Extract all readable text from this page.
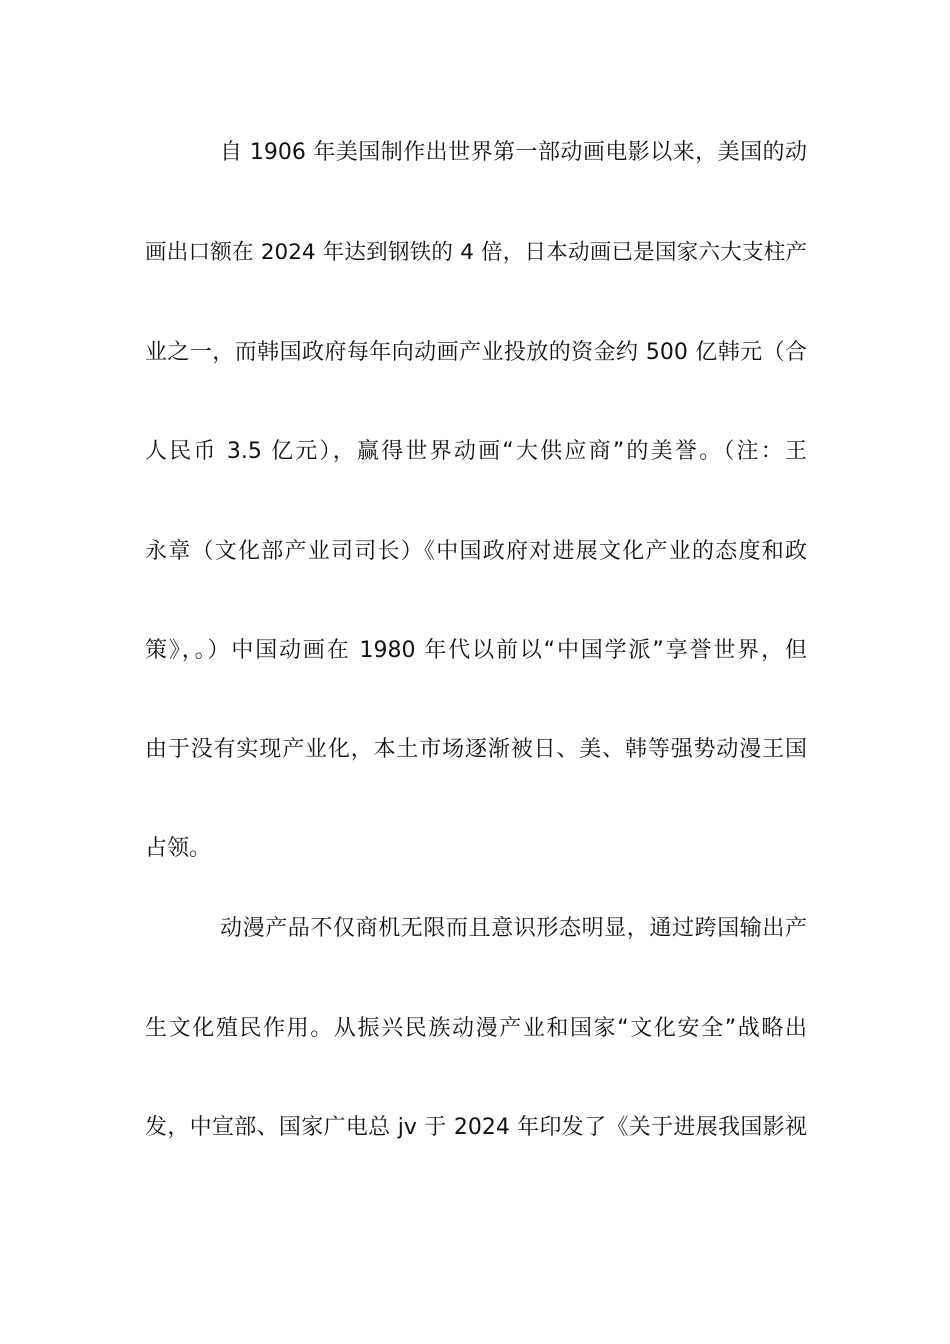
自 1906 年美国制作出世界第一部动画电影以来，美国的动
画出口额在 2024 年达到钢铁的 4 倍，日本动画已是国家六大支柱产
业之一，而韩国政府每年向动画产业投放的资金约 500 亿韩元（合
人民币 3.5 亿元），赢得世界动画“大供应商”的美誉。（注：王
永章（文化部产业司司长）《中国政府对进展文化产业的态度和政
策》，。）中国动画在 1980 年代以前以“中国学派”享誉世界，但
由于没有实现产业化，本土市场逐渐被日、美、韩等强势动漫王国
占领。
动漫产品不仅商机无限而且意识形态明显，通过跨国输出产
生文化殖民作用。从振兴民族动漫产业和国家“文化安全”战略出
发，中宣部、国家广电总 jv 于 2024 年印发了《关于进展我国影视
